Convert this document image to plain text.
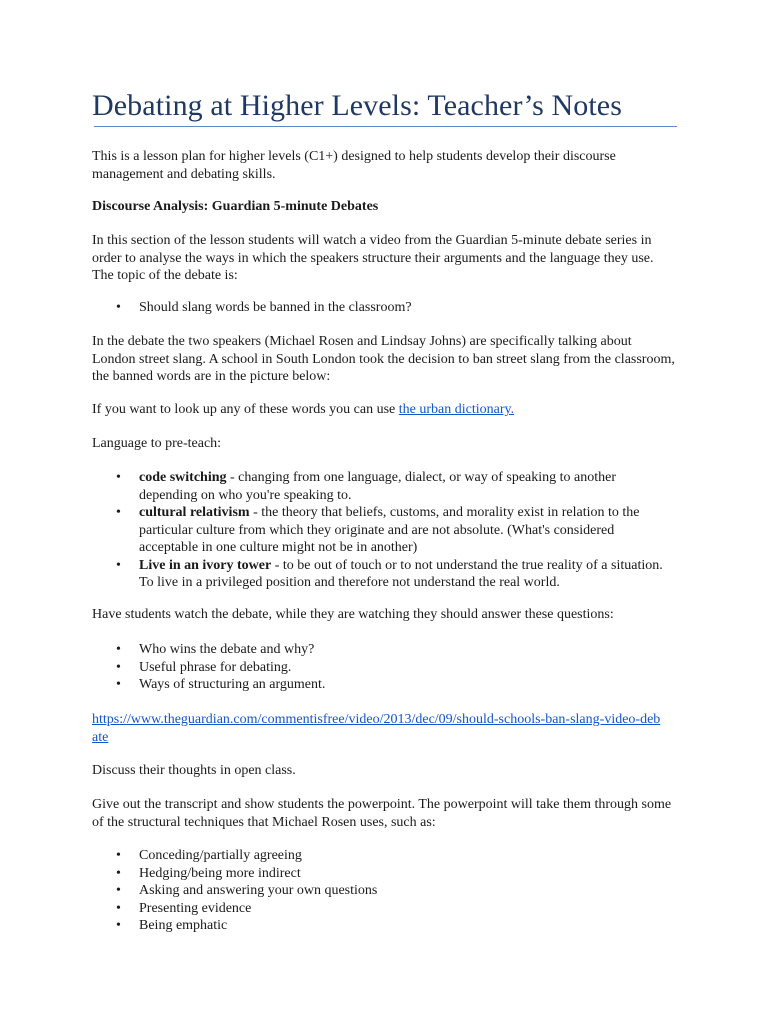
Debating at Higher Levels: Teacher’s Notes

This is a lesson plan for higher levels (C1+) designed to help students develop their discourse management and debating skills.

Discourse Analysis: Guardian 5-minute Debates

In this section of the lesson students will watch a video from the Guardian 5-minute debate series in order to analyse the ways in which the speakers structure their arguments and the language they use. The topic of the debate is:

• Should slang words be banned in the classroom?

In the debate the two speakers (Michael Rosen and Lindsay Johns) are specifically talking about London street slang. A school in South London took the decision to ban street slang from the classroom, the banned words are in the picture below:

If you want to look up any of these words you can use the urban dictionary.

Language to pre-teach:

• code switching - changing from one language, dialect, or way of speaking to another depending on who you're speaking to.
• cultural relativism - the theory that beliefs, customs, and morality exist in relation to the particular culture from which they originate and are not absolute. (What's considered acceptable in one culture might not be in another)
• Live in an ivory tower - to be out of touch or to not understand the true reality of a situation. To live in a privileged position and therefore not understand the real world.

Have students watch the debate, while they are watching they should answer these questions:

• Who wins the debate and why?
• Useful phrase for debating.
• Ways of structuring an argument.

https://www.theguardian.com/commentisfree/video/2013/dec/09/should-schools-ban-slang-video-debate

Discuss their thoughts in open class.

Give out the transcript and show students the powerpoint. The powerpoint will take them through some of the structural techniques that Michael Rosen uses, such as:

• Conceding/partially agreeing
• Hedging/being more indirect
• Asking and answering your own questions
• Presenting evidence
• Being emphatic
